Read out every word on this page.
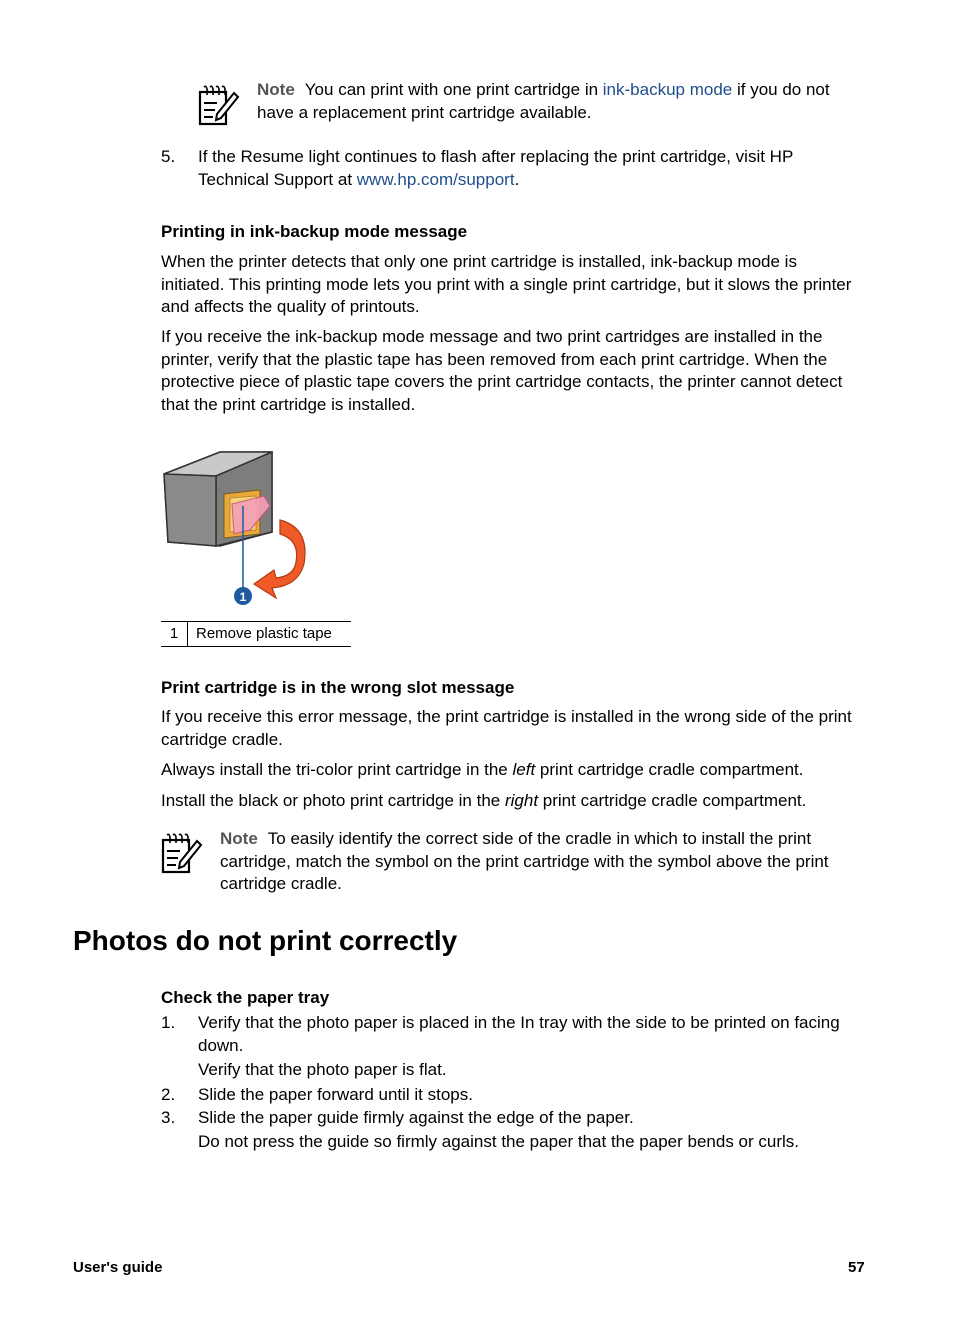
Note You can print with one print cartridge in ink-backup mode if you do not have a replacement print cartridge available.

5. If the Resume light continues to flash after replacing the print cartridge, visit HP Technical Support at www.hp.com/support.

Printing in ink-backup mode message

When the printer detects that only one print cartridge is installed, ink-backup mode is initiated. This printing mode lets you print with a single print cartridge, but it slows the printer and affects the quality of printouts.

If you receive the ink-backup mode message and two print cartridges are installed in the printer, verify that the plastic tape has been removed from each print cartridge. When the protective piece of plastic tape covers the print cartridge contacts, the printer cannot detect that the print cartridge is installed.

1
1	Remove plastic tape

Print cartridge is in the wrong slot message

If you receive this error message, the print cartridge is installed in the wrong side of the print cartridge cradle.

Always install the tri-color print cartridge in the left print cartridge cradle compartment.

Install the black or photo print cartridge in the right print cartridge cradle compartment.

Note To easily identify the correct side of the cradle in which to install the print cartridge, match the symbol on the print cartridge with the symbol above the print cartridge cradle.

Photos do not print correctly

Check the paper tray

1. Verify that the photo paper is placed in the In tray with the side to be printed on facing down.

Verify that the photo paper is flat.

2. Slide the paper forward until it stops.

3. Slide the paper guide firmly against the edge of the paper.

Do not press the guide so firmly against the paper that the paper bends or curls.

User's guide	57
